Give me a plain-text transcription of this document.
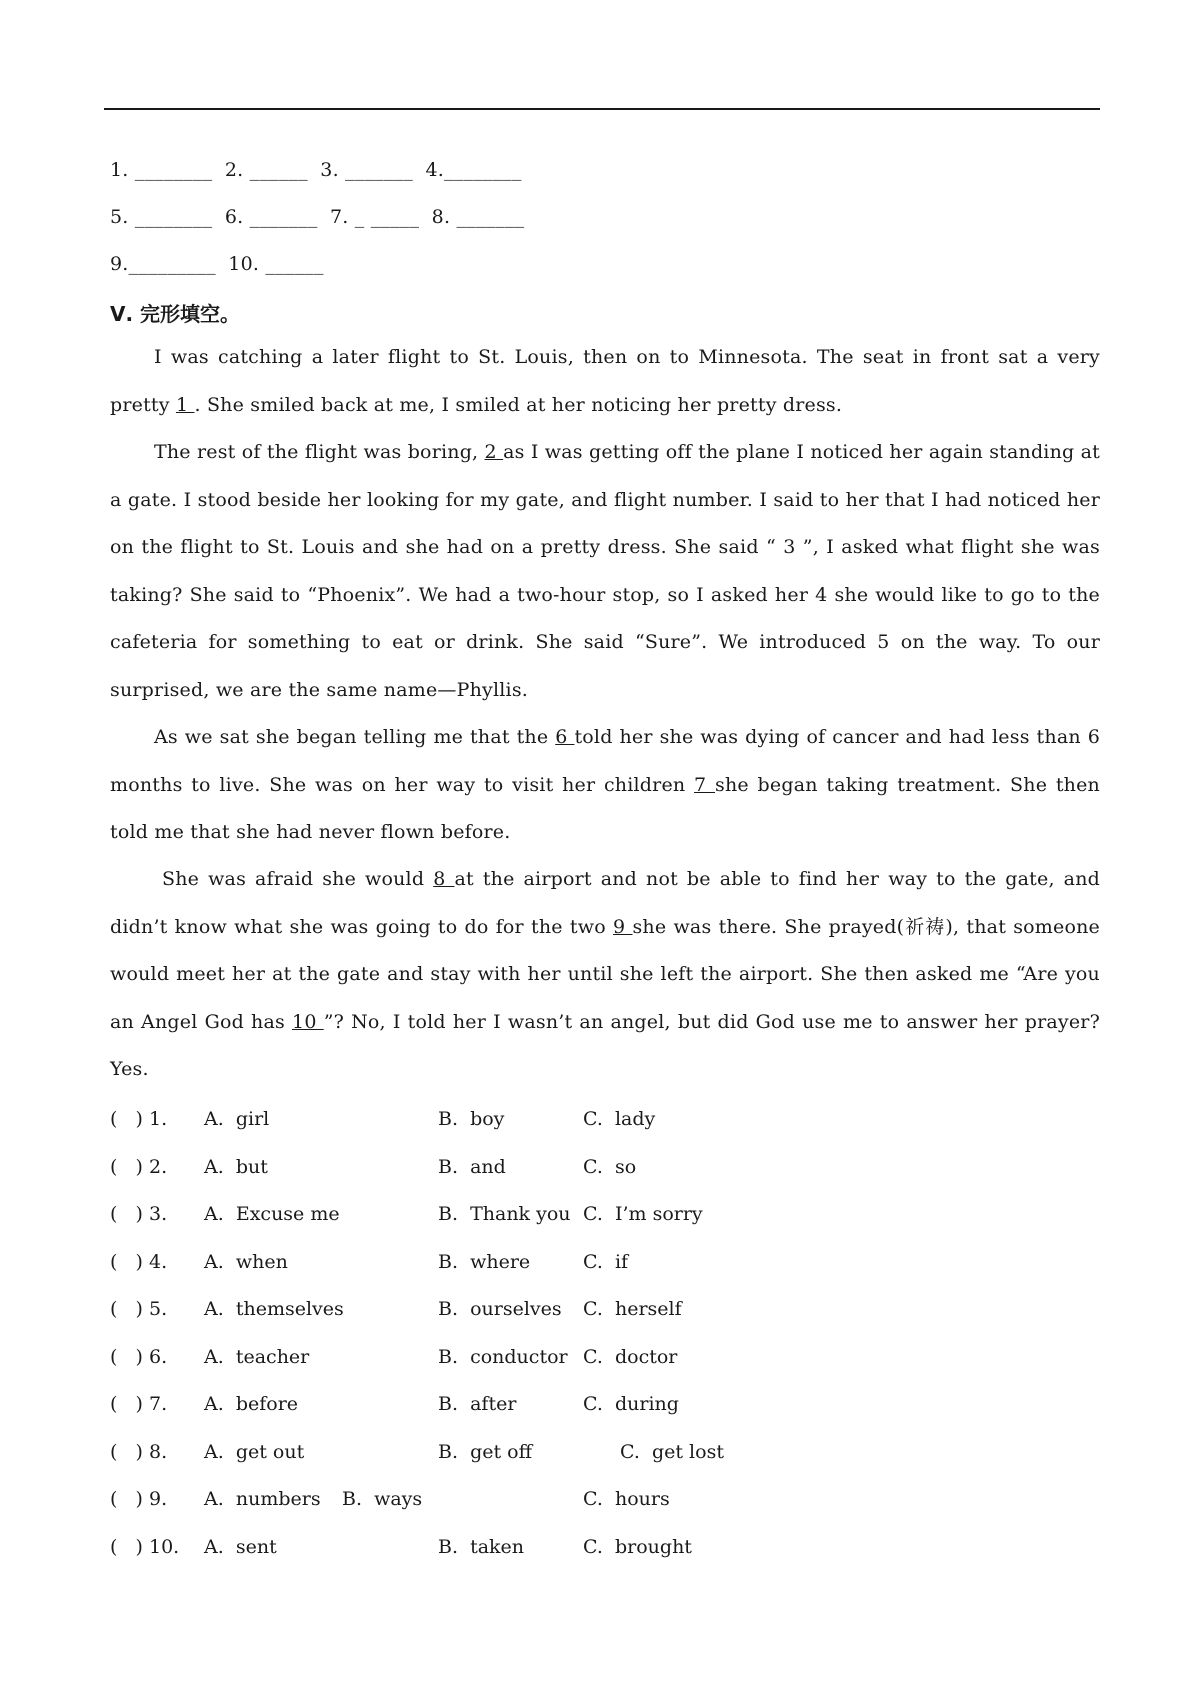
1. ________  2. ______  3. _______  4.________
5. ________  6. _______  7. _ _____  8. _______
9._________  10. ______
Ⅴ. 完形填空。
I was catching a later flight to St. Louis, then on to Minnesota. The seat in front sat a very pretty 1 . She smiled back at me, I smiled at her noticing her pretty dress.
The rest of the flight was boring, 2 as I was getting off the plane I noticed her again standing at a gate. I stood beside her looking for my gate, and flight number. I said to her that I had noticed her on the flight to St. Louis and she had on a pretty dress. She said “ 3 ”, I asked what flight she was taking? She said to “Phoenix”. We had a two-hour stop, so I asked her 4 she would like to go to the cafeteria for something to eat or drink. She said “Sure”. We introduced 5 on the way. To our surprised, we are the same name—Phyllis.
As we sat she began telling me that the 6 told her she was dying of cancer and had less than 6 months to live. She was on her way to visit her children 7 she began taking treatment. She then told me that she had never flown before.
She was afraid she would 8 at the airport and not be able to find her way to the gate, and didn’t know what she was going to do for the two 9 she was there. She prayed(祈祷), that someone would meet her at the gate and stay with her until she left the airport. She then asked me “Are you an Angel God has 10 ”? No, I told her I wasn’t an angel, but did God use me to answer her prayer? Yes.
(   ) 1. A.  girl	B.  boy	C.  lady
(   ) 2. A.  but	B.  and	C.  so
(   ) 3. A.  Excuse me	B.  Thank you C.  I’m sorry
(   ) 4. A.  when	B.  where	C.  if
(   ) 5. A.  themselves	B.  ourselves C.  herself
(   ) 6. A.  teacher	B.  conductor C.  doctor
(   ) 7. A.  before	B.  after	C.  during
(   ) 8. A.  get out	B.  get off	C.  get lost
(   ) 9. A.  numbers B.  ways	C.  hours
(   ) 10. A.  sent	B.  taken	C.  brought
